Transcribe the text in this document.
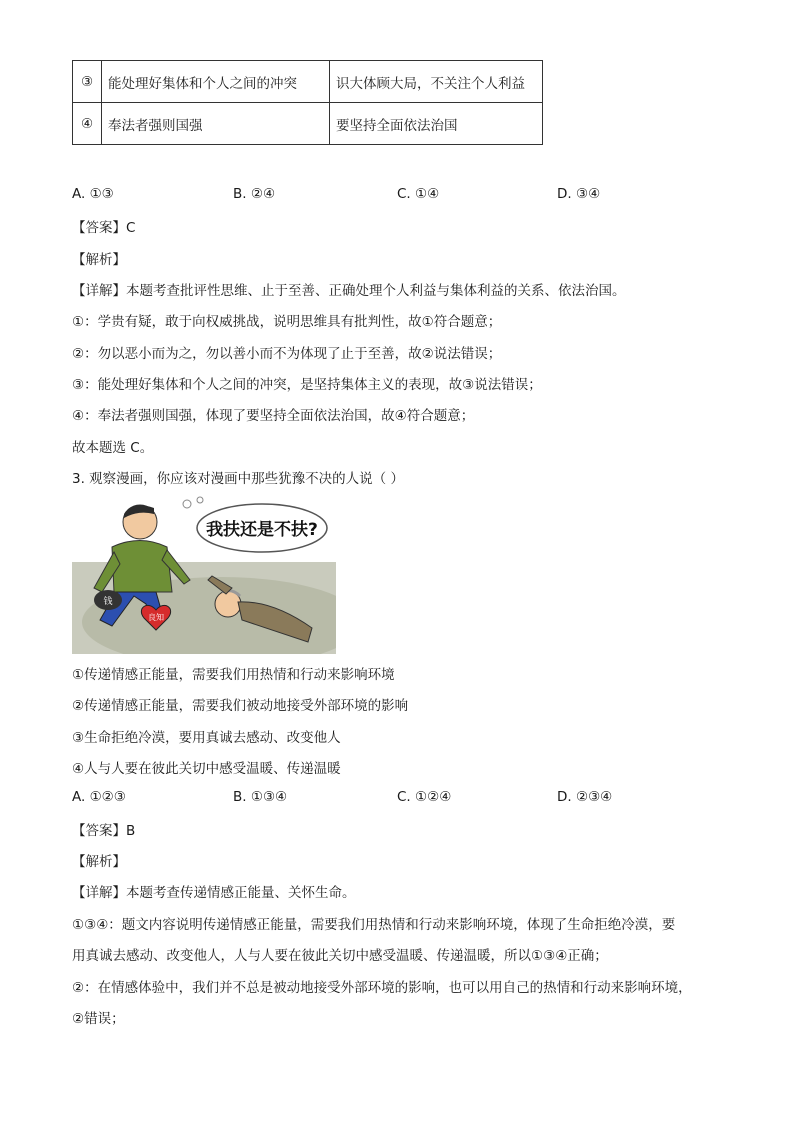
③	能处理好集体和个人之间的冲突	识大体顾大局，不关注个人利益
④	奉法者强则国强	要坚持全面依法治国
A. ①③	B. ②④	C. ①④	D. ③④
【答案】C
【解析】
【详解】本题考查批评性思维、止于至善、正确处理个人利益与集体利益的关系、依法治国。
①：学贵有疑，敢于向权威挑战，说明思维具有批判性，故①符合题意；
②：勿以恶小而为之，勿以善小而不为体现了止于至善，故②说法错误；
③：能处理好集体和个人之间的冲突，是坚持集体主义的表现，故③说法错误；
④：奉法者强则国强，体现了要坚持全面依法治国，故④符合题意；
故本题选 C。
3. 观察漫画，你应该对漫画中那些犹豫不决的人说（ ）
我扶还是不扶?
钱
良知
①传递情感正能量，需要我们用热情和行动来影响环境
②传递情感正能量，需要我们被动地接受外部环境的影响
③生命拒绝冷漠，要用真诚去感动、改变他人
④人与人要在彼此关切中感受温暖、传递温暖
A. ①②③	B. ①③④	C. ①②④	D. ②③④
【答案】B
【解析】
【详解】本题考查传递情感正能量、关怀生命。
①③④：题文内容说明传递情感正能量，需要我们用热情和行动来影响环境，体现了生命拒绝冷漠，要
用真诚去感动、改变他人，人与人要在彼此关切中感受温暖、传递温暖，所以①③④正确；
②：在情感体验中，我们并不总是被动地接受外部环境的影响，也可以用自己的热情和行动来影响环境，
②错误；
